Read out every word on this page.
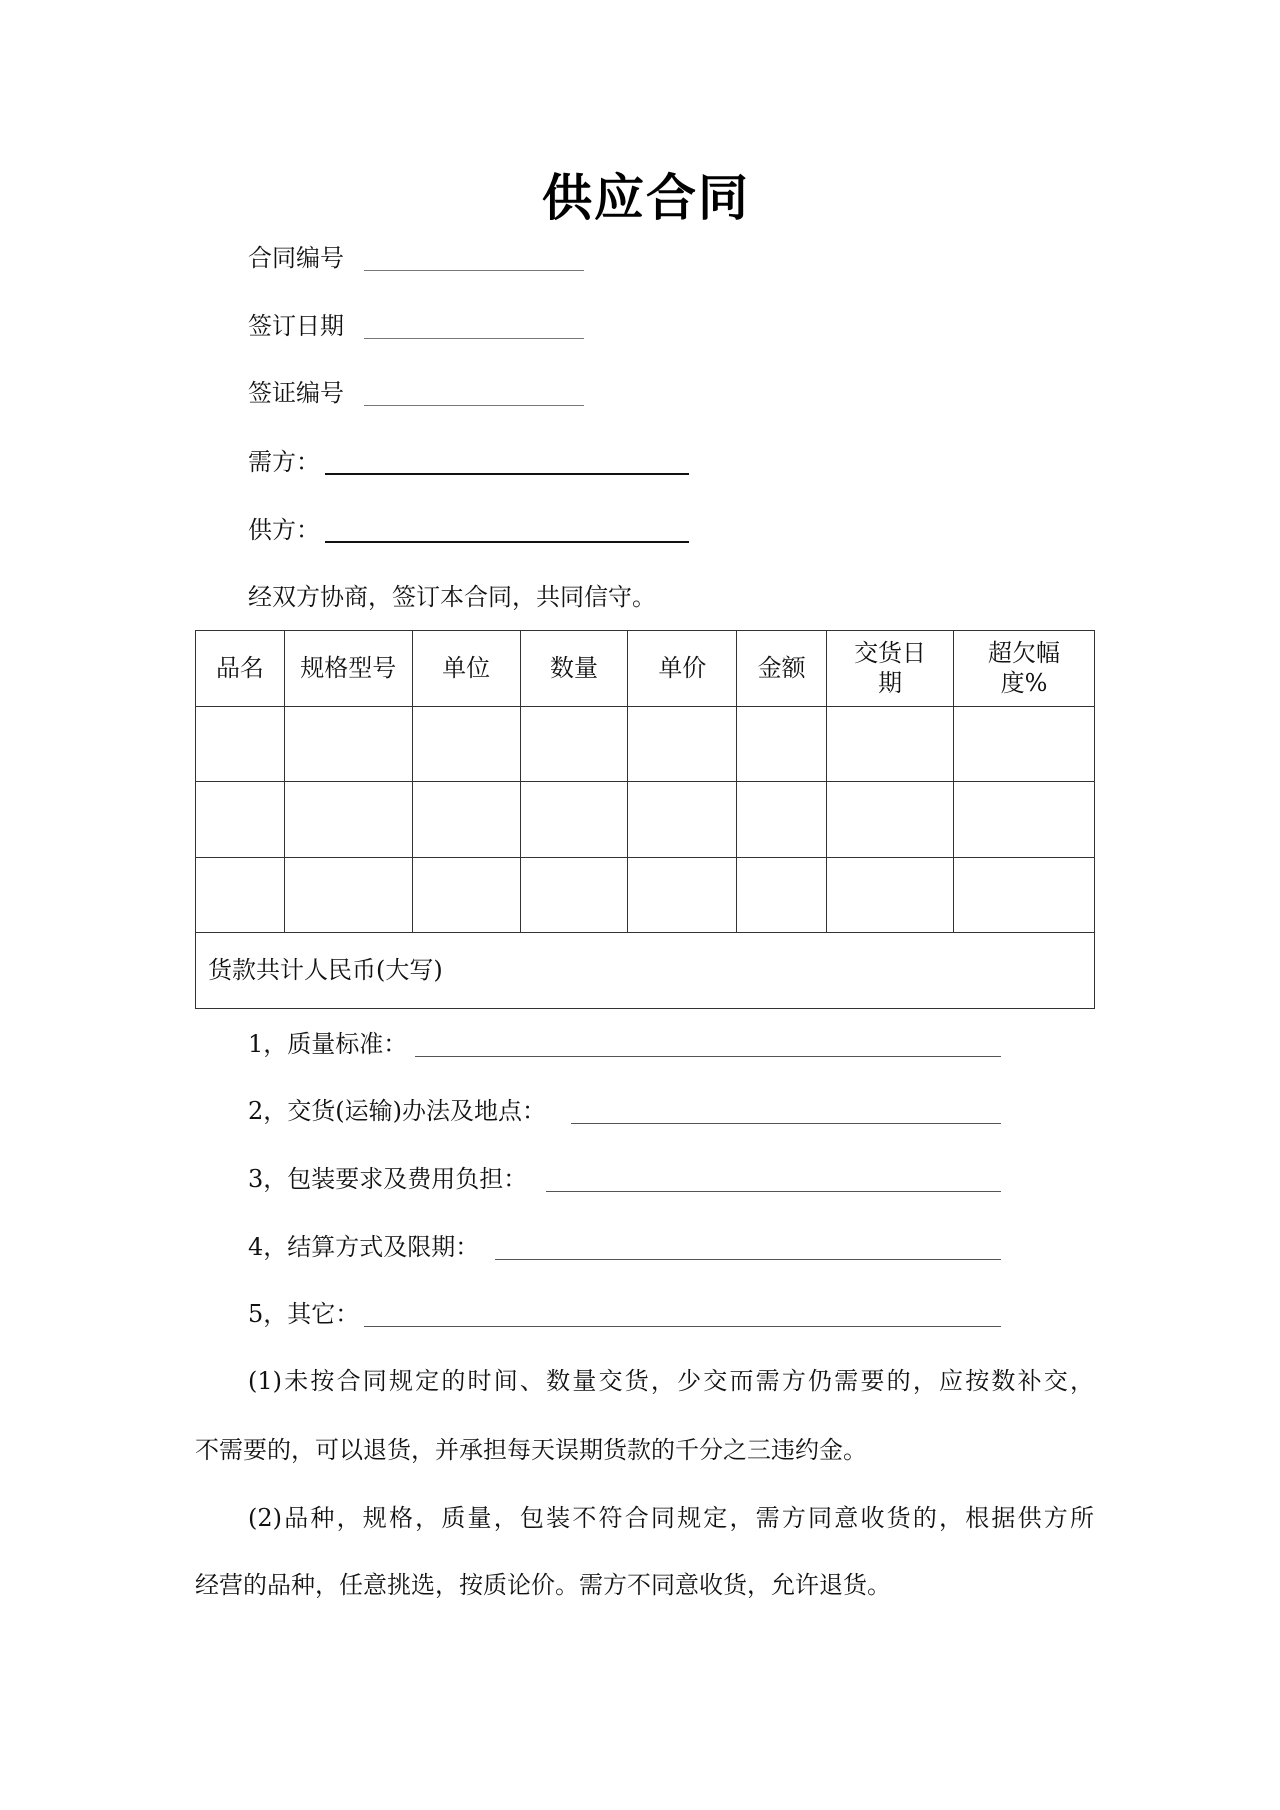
供应合同
合同编号
签订日期
签证编号
需方：
供方：
经双方协商，签订本合同，共同信守。
品名	规格型号	单位	数量	单价	金额	交货日期	超欠幅度%

货款共计人民币(大写)							
1，质量标准：
2，交货(运输)办法及地点：
3，包装要求及费用负担：
4，结算方式及限期：
5，其它：
(1)未按合同规定的时间、数量交货，少交而需方仍需要的，应按数补交，
不需要的，可以退货，并承担每天误期货款的千分之三违约金。
(2)品种，规格，质量，包装不符合同规定，需方同意收货的，根据供方所
经营的品种，任意挑选，按质论价。需方不同意收货，允许退货。
